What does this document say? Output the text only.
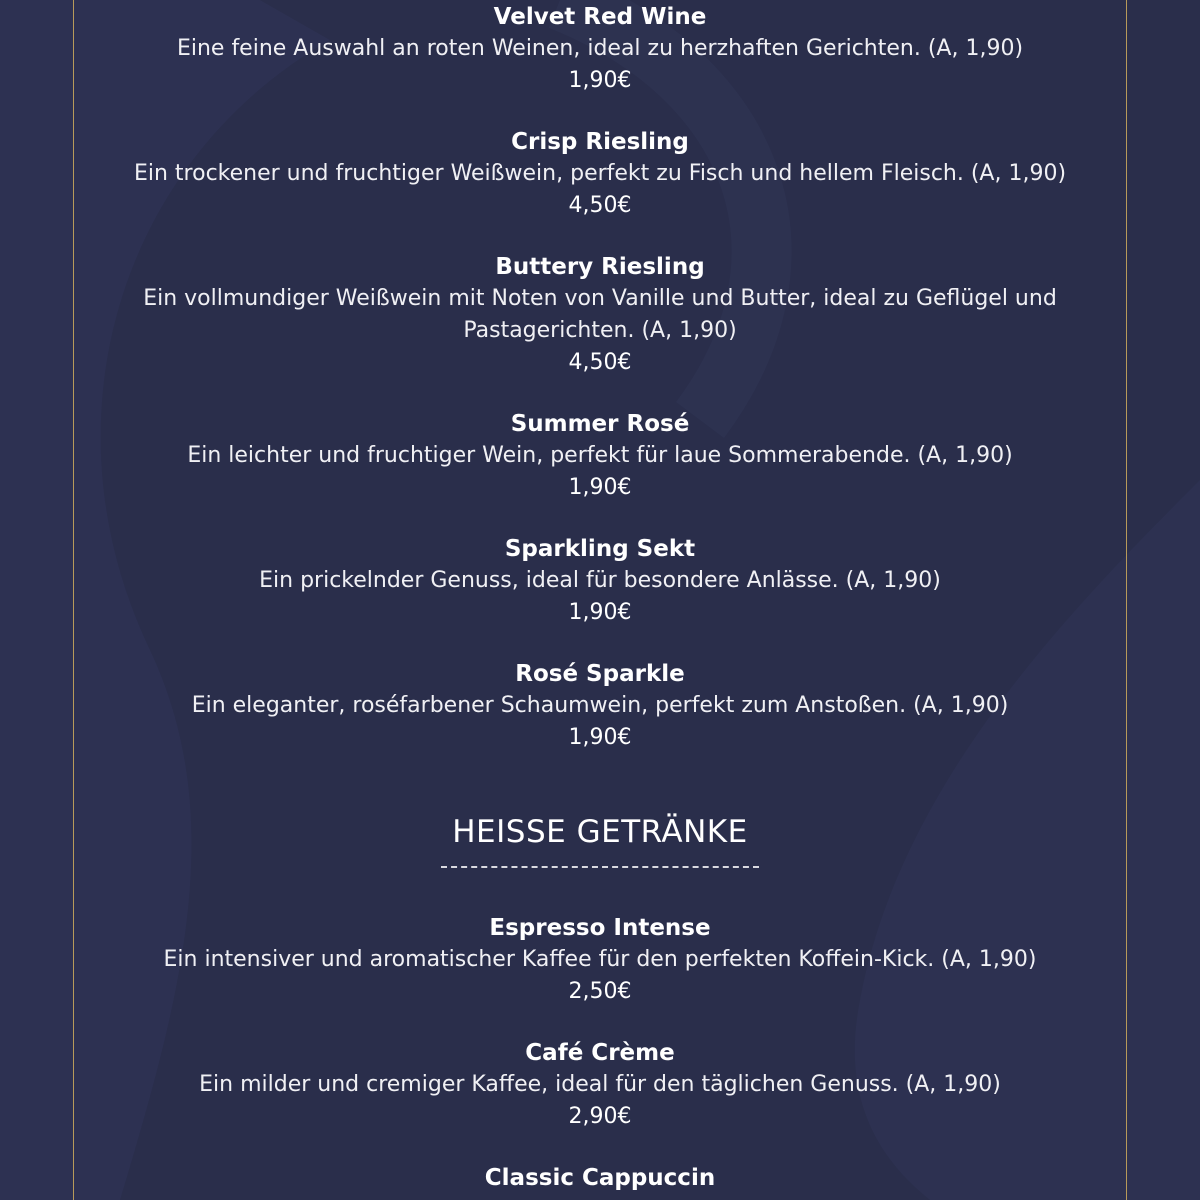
Velvet Red Wine
Eine feine Auswahl an roten Weinen, ideal zu herzhaften Gerichten. (A, 1,90)
1,90€
Crisp Riesling
Ein trockener und fruchtiger Weißwein, perfekt zu Fisch und hellem Fleisch. (A, 1,90)
4,50€
Buttery Riesling
Ein vollmundiger Weißwein mit Noten von Vanille und Butter, ideal zu Geflügel und Pastagerichten. (A, 1,90)
4,50€
Summer Rosé
Ein leichter und fruchtiger Wein, perfekt für laue Sommerabende. (A, 1,90)
1,90€
Sparkling Sekt
Ein prickelnder Genuss, ideal für besondere Anlässe. (A, 1,90)
1,90€
Rosé Sparkle
Ein eleganter, roséfarbener Schaumwein, perfekt zum Anstoßen. (A, 1,90)
1,90€
HEISSE GETRÄNKE
Espresso Intense
Ein intensiver und aromatischer Kaffee für den perfekten Koffein-Kick. (A, 1,90)
2,50€
Café Crème
Ein milder und cremiger Kaffee, ideal für den täglichen Genuss. (A, 1,90)
2,90€
Classic Cappuccin
